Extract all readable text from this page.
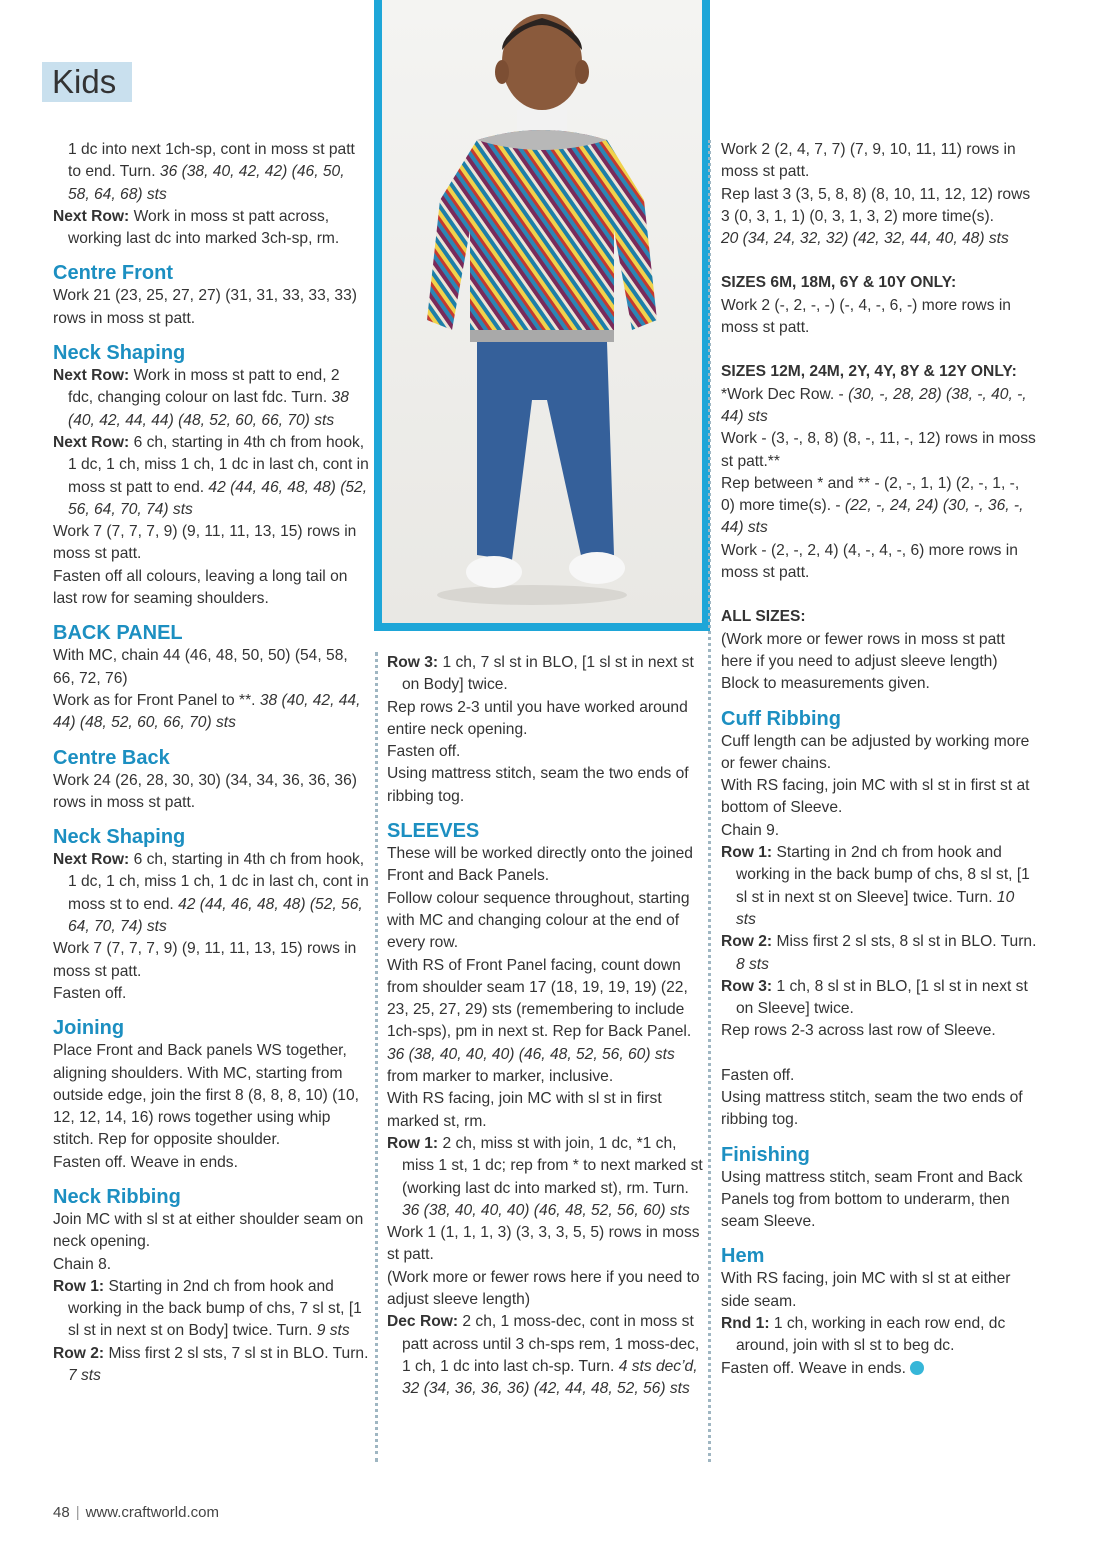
Kids

1 dc into next 1ch-sp, cont in moss st patt to end. Turn. 36 (38, 40, 42, 42) (46, 50, 58, 64, 68) sts

Next Row: Work in moss st patt across, working last dc into marked 3ch-sp, rm.

Centre Front

Work 21 (23, 25, 27, 27) (31, 31, 33, 33, 33) rows in moss st patt.

Neck Shaping

Next Row: Work in moss st patt to end, 2 fdc, changing colour on last fdc. Turn. 38 (40, 42, 44, 44) (48, 52, 60, 66, 70) sts

Next Row: 6 ch, starting in 4th ch from hook, 1 dc, 1 ch, miss 1 ch, 1 dc in last ch, cont in moss st patt to end. 42 (44, 46, 48, 48) (52, 56, 64, 70, 74) sts

Work 7 (7, 7, 7, 9) (9, 11, 11, 13, 15) rows in moss st patt.

Fasten off all colours, leaving a long tail on last row for seaming shoulders.

BACK PANEL

With MC, chain 44 (46, 48, 50, 50) (54, 58, 66, 72, 76)

Work as for Front Panel to **. 38 (40, 42, 44, 44) (48, 52, 60, 66, 70) sts

Centre Back

Work 24 (26, 28, 30, 30) (34, 34, 36, 36, 36) rows in moss st patt.

Neck Shaping

Next Row: 6 ch, starting in 4th ch from hook, 1 dc, 1 ch, miss 1 ch, 1 dc in last ch, cont in moss st to end. 42 (44, 46, 48, 48) (52, 56, 64, 70, 74) sts

Work 7 (7, 7, 7, 9) (9, 11, 11, 13, 15) rows in moss st patt.

Fasten off.

Joining

Place Front and Back panels WS together, aligning shoulders. With MC, starting from outside edge, join the first 8 (8, 8, 8, 10) (10, 12, 12, 14, 16) rows together using whip stitch. Rep for opposite shoulder.

Fasten off. Weave in ends.

Neck Ribbing

Join MC with sl st at either shoulder seam on neck opening.

Chain 8.

Row 1: Starting in 2nd ch from hook and working in the back bump of chs, 7 sl st, [1 sl st in next st on Body] twice. Turn. 9 sts

Row 2: Miss first 2 sl sts, 7 sl st in BLO. Turn. 7 sts

Row 3: 1 ch, 7 sl st in BLO, [1 sl st in next st on Body] twice.

Rep rows 2-3 until you have worked around entire neck opening.

Fasten off.

Using mattress stitch, seam the two ends of ribbing tog.

SLEEVES

These will be worked directly onto the joined Front and Back Panels.

Follow colour sequence throughout, starting with MC and changing colour at the end of every row.

With RS of Front Panel facing, count down from shoulder seam 17 (18, 19, 19, 19) (22, 23, 25, 27, 29) sts (remembering to include 1ch-sps), pm in next st. Rep for Back Panel. 36 (38, 40, 40, 40) (46, 48, 52, 56, 60) sts from marker to marker, inclusive.

With RS facing, join MC with sl st in first marked st, rm.

Row 1: 2 ch, miss st with join, 1 dc, *1 ch, miss 1 st, 1 dc; rep from * to next marked st (working last dc into marked st), rm. Turn. 36 (38, 40, 40, 40) (46, 48, 52, 56, 60) sts

Work 1 (1, 1, 1, 3) (3, 3, 3, 5, 5) rows in moss st patt.

(Work more or fewer rows here if you need to adjust sleeve length)

Dec Row: 2 ch, 1 moss-dec, cont in moss st patt across until 3 ch-sps rem, 1 moss-dec, 1 ch, 1 dc into last ch-sp. Turn. 4 sts dec’d, 32 (34, 36, 36, 36) (42, 44, 48, 52, 56) sts

Work 2 (2, 4, 7, 7) (7, 9, 10, 11, 11) rows in moss st patt.

Rep last 3 (3, 5, 8, 8) (8, 10, 11, 12, 12) rows 3 (0, 3, 1, 1) (0, 3, 1, 3, 2) more time(s).

20 (34, 24, 32, 32) (42, 32, 44, 40, 48) sts

SIZES 6M, 18M, 6Y & 10Y ONLY:

Work 2 (-, 2, -, -) (-, 4, -, 6, -) more rows in moss st patt.

SIZES 12M, 24M, 2Y, 4Y, 8Y & 12Y ONLY:

*Work Dec Row. - (30, -, 28, 28) (38, -, 40, -, 44) sts

Work - (3, -, 8, 8) (8, -, 11, -, 12) rows in moss st patt.**

Rep between * and ** - (2, -, 1, 1) (2, -, 1, -, 0) more time(s). - (22, -, 24, 24) (30, -, 36, -, 44) sts

Work - (2, -, 2, 4) (4, -, 4, -, 6) more rows in moss st patt.

ALL SIZES:

(Work more or fewer rows in moss st patt here if you need to adjust sleeve length)

Block to measurements given.

Cuff Ribbing

Cuff length can be adjusted by working more or fewer chains.

With RS facing, join MC with sl st in first st at bottom of Sleeve.

Chain 9.

Row 1: Starting in 2nd ch from hook and working in the back bump of chs, 8 sl st, [1 sl st in next st on Sleeve] twice. Turn. 10 sts

Row 2: Miss first 2 sl sts, 8 sl st in BLO. Turn. 8 sts

Row 3: 1 ch, 8 sl st in BLO, [1 sl st in next st on Sleeve] twice.

Rep rows 2-3 across last row of Sleeve.

Fasten off.

Using mattress stitch, seam the two ends of ribbing tog.

Finishing

Using mattress stitch, seam Front and Back Panels tog from bottom to underarm, then seam Sleeve.

Hem

With RS facing, join MC with sl st at either side seam.

Rnd 1: 1 ch, working in each row end, dc around, join with sl st to beg dc.

Fasten off. Weave in ends.

48 | www.craftworld.com
